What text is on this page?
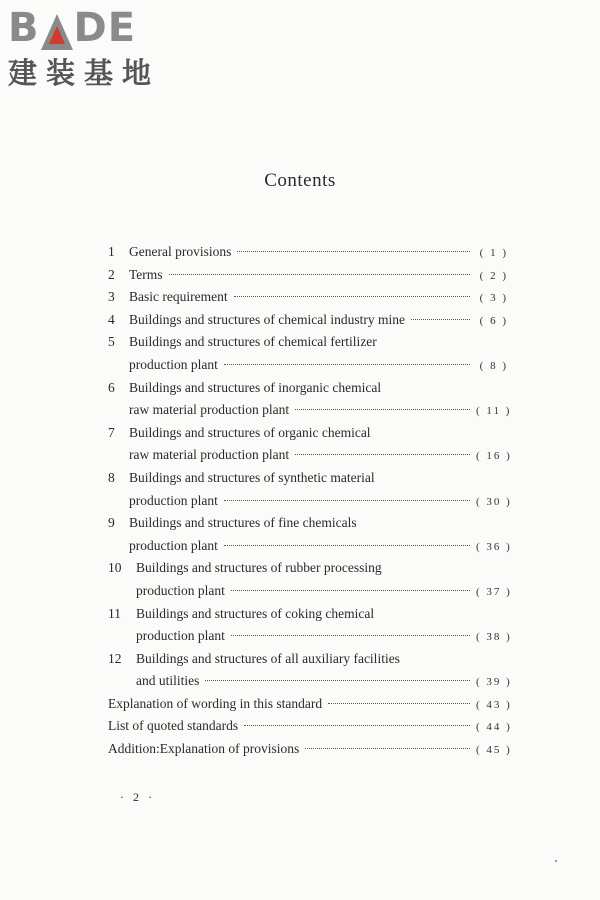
B DE
建装基地
Contents
1	General provisions	( 1 )
2	Terms	( 2 )
3	Basic requirement	( 3 )
4	Buildings and structures of chemical industry mine	( 6 )
5	Buildings and structures of chemical fertilizer
production plant	( 8 )
6	Buildings and structures of inorganic chemical
raw material production plant	( 11 )
7	Buildings and structures of organic chemical
raw material production plant	( 16 )
8	Buildings and structures of synthetic material
production plant	( 30 )
9	Buildings and structures of fine chemicals
production plant	( 36 )
10	Buildings and structures of rubber processing
production plant	( 37 )
11	Buildings and structures of coking chemical
production plant	( 38 )
12	Buildings and structures of all auxiliary facilities
and utilities	( 39 )
Explanation of wording in this standard	( 43 )
List of quoted standards	( 44 )
Addition:Explanation of provisions	( 45 )
· 2 ·
